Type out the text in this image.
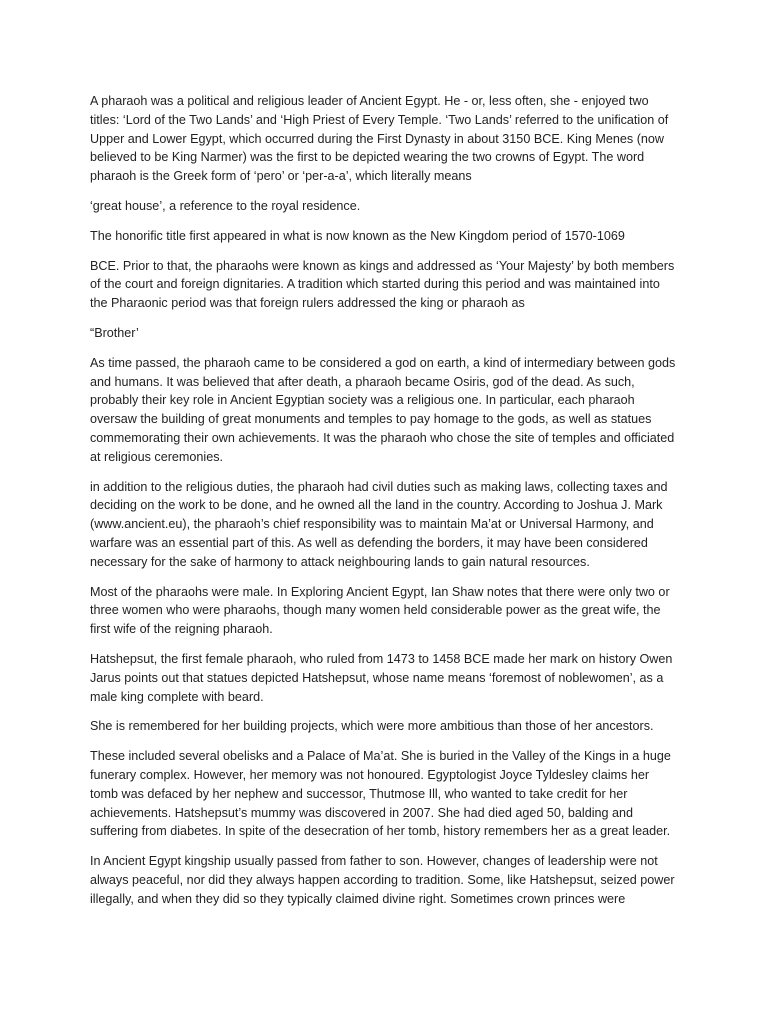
A pharaoh was a political and religious leader of Ancient Egypt. He - or, less often, she - enjoyed two titles: ‘Lord of the Two Lands’ and ‘High Priest of Every Temple. ‘Two Lands’ referred to the unification of Upper and Lower Egypt, which occurred during the First Dynasty in about 3150 BCE. King Menes (now believed to be King Narmer) was the first to be depicted wearing the two crowns of Egypt. The word pharaoh is the Greek form of ‘pero’ or ‘per-a-a’, which literally means

‘great house’, a reference to the royal residence.

The honorific title first appeared in what is now known as the New Kingdom period of 1570-1069

BCE. Prior to that, the pharaohs were known as kings and addressed as ‘Your Majesty’ by both members of the court and foreign dignitaries. A tradition which started during this period and was maintained into the Pharaonic period was that foreign rulers addressed the king or pharaoh as

“Brother’

As time passed, the pharaoh came to be considered a god on earth, a kind of intermediary between gods and humans. It was believed that after death, a pharaoh became Osiris, god of the dead. As such, probably their key role in Ancient Egyptian society was a religious one. In particular, each pharaoh oversaw the building of great monuments and temples to pay homage to the gods, as well as statues commemorating their own achievements. It was the pharaoh who chose the site of temples and officiated at religious ceremonies.

in addition to the religious duties, the pharaoh had civil duties such as making laws, collecting taxes and deciding on the work to be done, and he owned all the land in the country. According to Joshua J. Mark (www.ancient.eu), the pharaoh’s chief responsibility was to maintain Ma’at or Universal Harmony, and warfare was an essential part of this. As well as defending the borders, it may have been considered necessary for the sake of harmony to attack neighbouring lands to gain natural resources.

Most of the pharaohs were male. In Exploring Ancient Egypt, Ian Shaw notes that there were only two or three women who were pharaohs, though many women held considerable power as the great wife, the first wife of the reigning pharaoh.

Hatshepsut, the first female pharaoh, who ruled from 1473 to 1458 BCE made her mark on history Owen Jarus points out that statues depicted Hatshepsut, whose name means ‘foremost of noblewomen’, as a male king complete with beard.

She is remembered for her building projects, which were more ambitious than those of her ancestors.

These included several obelisks and a Palace of Ma’at. She is buried in the Valley of the Kings in a huge funerary complex. However, her memory was not honoured. Egyptologist Joyce Tyldesley claims her tomb was defaced by her nephew and successor, Thutmose Ill, who wanted to take credit for her achievements. Hatshepsut’s mummy was discovered in 2007. She had died aged 50, balding and suffering from diabetes. In spite of the desecration of her tomb, history remembers her as a great leader.

In Ancient Egypt kingship usually passed from father to son. However, changes of leadership were not always peaceful, nor did they always happen according to tradition. Some, like Hatshepsut, seized power illegally, and when they did so they typically claimed divine right. Sometimes crown princes were
